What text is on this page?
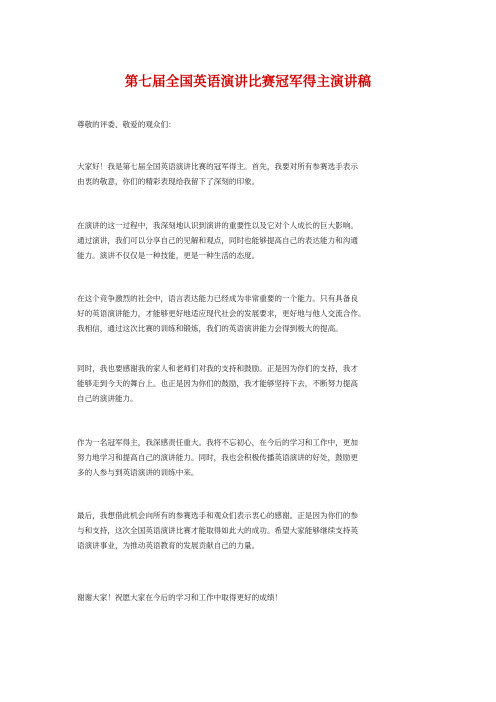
第七届全国英语演讲比赛冠军得主演讲稿

尊敬的评委、敬爱的观众们：

大家好！我是第七届全国英语演讲比赛的冠军得主。首先，我要对所有参赛选手表示
由衷的敬意，你们的精彩表现给我留下了深刻的印象。

在演讲的这一过程中，我深刻地认识到演讲的重要性以及它对个人成长的巨大影响。
通过演讲，我们可以分享自己的见解和观点，同时也能够提高自己的表达能力和沟通
能力。演讲不仅仅是一种技能，更是一种生活的态度。

在这个竞争激烈的社会中，语言表达能力已经成为非常重要的一个能力。只有具备良
好的英语演讲能力，才能够更好地适应现代社会的发展要求，更好地与他人交流合作。
我相信，通过这次比赛的训练和锻炼，我们的英语演讲能力会得到极大的提高。

同时，我也要感谢我的家人和老师们对我的支持和鼓励。正是因为你们的支持，我才
能够走到今天的舞台上。也正是因为你们的鼓励，我才能够坚持下去，不断努力提高
自己的演讲能力。

作为一名冠军得主，我深感责任重大。我将不忘初心，在今后的学习和工作中，更加
努力地学习和提高自己的演讲能力。同时，我也会积极传播英语演讲的好处，鼓励更
多的人参与到英语演讲的训练中来。

最后，我想借此机会向所有的参赛选手和观众们表示衷心的感谢。正是因为你们的参
与和支持，这次全国英语演讲比赛才能取得如此大的成功。希望大家能够继续支持英
语演讲事业，为推动英语教育的发展贡献自己的力量。

谢谢大家！祝愿大家在今后的学习和工作中取得更好的成绩！
